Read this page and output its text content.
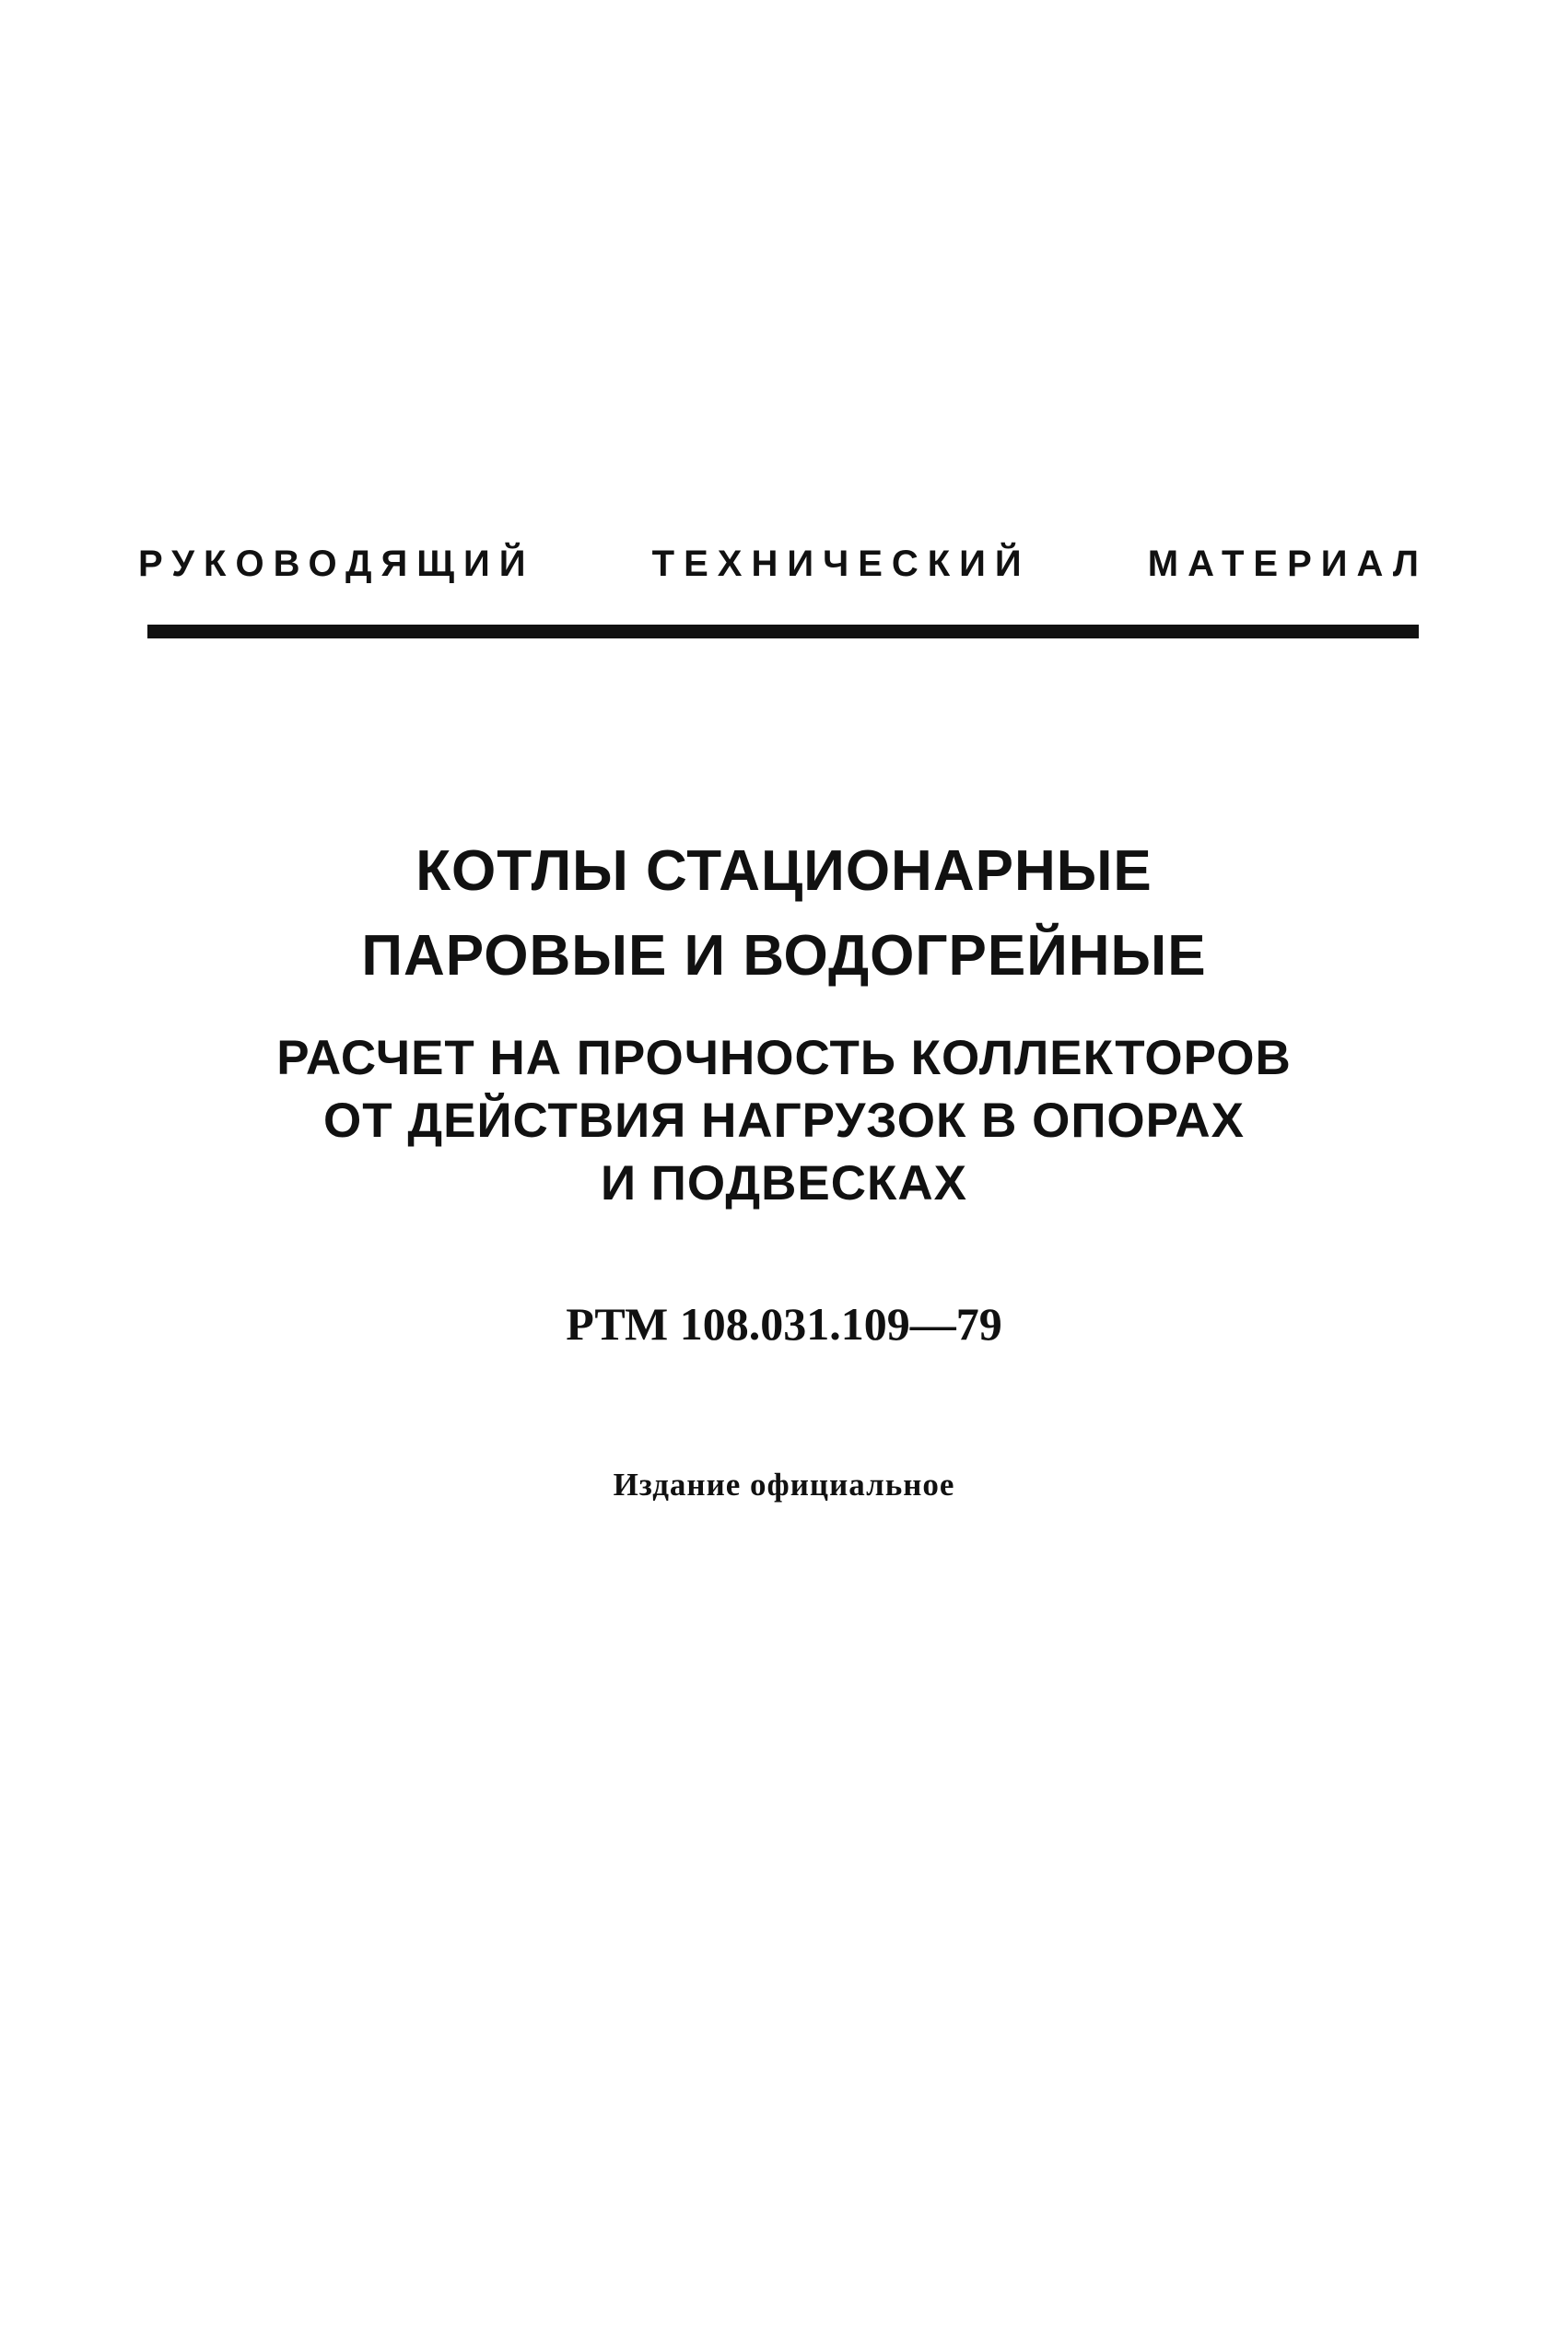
РУКОВОДЯЩИЙ	ТЕХНИЧЕСКИЙ	МАТЕРИАЛ
КОТЛЫ СТАЦИОНАРНЫЕ
ПАРОВЫЕ И ВОДОГРЕЙНЫЕ
РАСЧЕТ НА ПРОЧНОСТЬ КОЛЛЕКТОРОВ
ОТ ДЕЙСТВИЯ НАГРУЗОК В ОПОРАХ
И ПОДВЕСКАХ
РТМ 108.031.109—79
Издание официальное
